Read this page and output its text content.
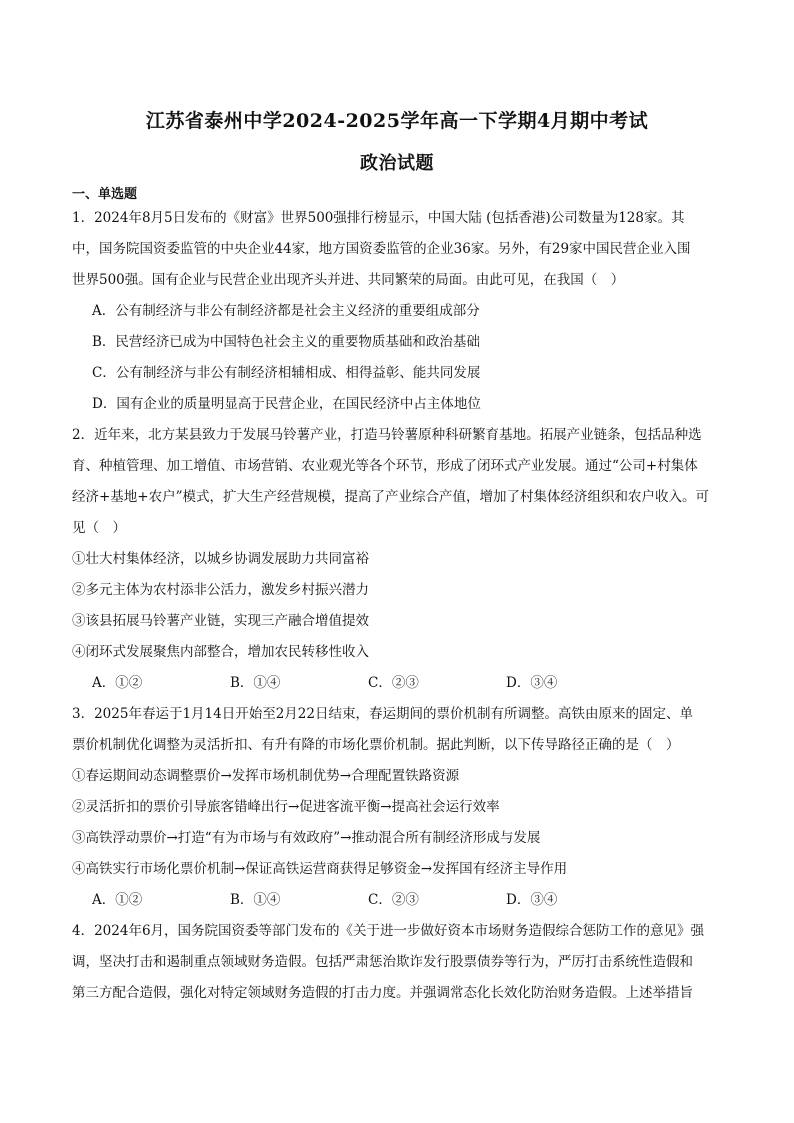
江苏省泰州中学2024-2025学年高一下学期4月期中考试
政治试题
一、单选题
1．2024年8月5日发布的《财富》世界500强排行榜显示，中国大陆 (包括香港)公司数量为128家。其
中，国务院国资委监管的中央企业44家，地方国资委监管的企业36家。另外，有29家中国民营企业入围
世界500强。国有企业与民营企业出现齐头并进、共同繁荣的局面。由此可见，在我国（　）
A．公有制经济与非公有制经济都是社会主义经济的重要组成部分
B．民营经济已成为中国特色社会主义的重要物质基础和政治基础
C．公有制经济与非公有制经济相辅相成、相得益彰、能共同发展
D．国有企业的质量明显高于民营企业，在国民经济中占主体地位
2．近年来，北方某县致力于发展马铃薯产业，打造马铃薯原种科研繁育基地。拓展产业链条，包括品种选
育、种植管理、加工增值、市场营销、农业观光等各个环节，形成了闭环式产业发展。通过“公司+村集体
经济+基地+农户”模式，扩大生产经营规模，提高了产业综合产值，增加了村集体经济组织和农户收入。可
见（　）
①壮大村集体经济，以城乡协调发展助力共同富裕
②多元主体为农村添非公活力，激发乡村振兴潜力
③该县拓展马铃薯产业链，实现三产融合增值提效
④闭环式发展聚焦内部整合，增加农民转移性收入
A．①②	B．①④	C．②③	D．③④
3．2025年春运于1月14日开始至2月22日结束，春运期间的票价机制有所调整。高铁由原来的固定、单
票价机制优化调整为灵活折扣、有升有降的市场化票价机制。据此判断，以下传导路径正确的是（　）
①春运期间动态调整票价→发挥市场机制优势→合理配置铁路资源
②灵活折扣的票价引导旅客错峰出行→促进客流平衡→提高社会运行效率
③高铁浮动票价→打造“有为市场与有效政府”→推动混合所有制经济形成与发展
④高铁实行市场化票价机制→保证高铁运营商获得足够资金→发挥国有经济主导作用
A．①②	B．①④	C．②③	D．③④
4．2024年6月，国务院国资委等部门发布的《关于进一步做好资本市场财务造假综合惩防工作的意见》强
调，坚决打击和遏制重点领域财务造假。包括严肃惩治欺诈发行股票债券等行为，严厉打击系统性造假和
第三方配合造假，强化对特定领域财务造假的打击力度。并强调常态化长效化防治财务造假。上述举措旨
